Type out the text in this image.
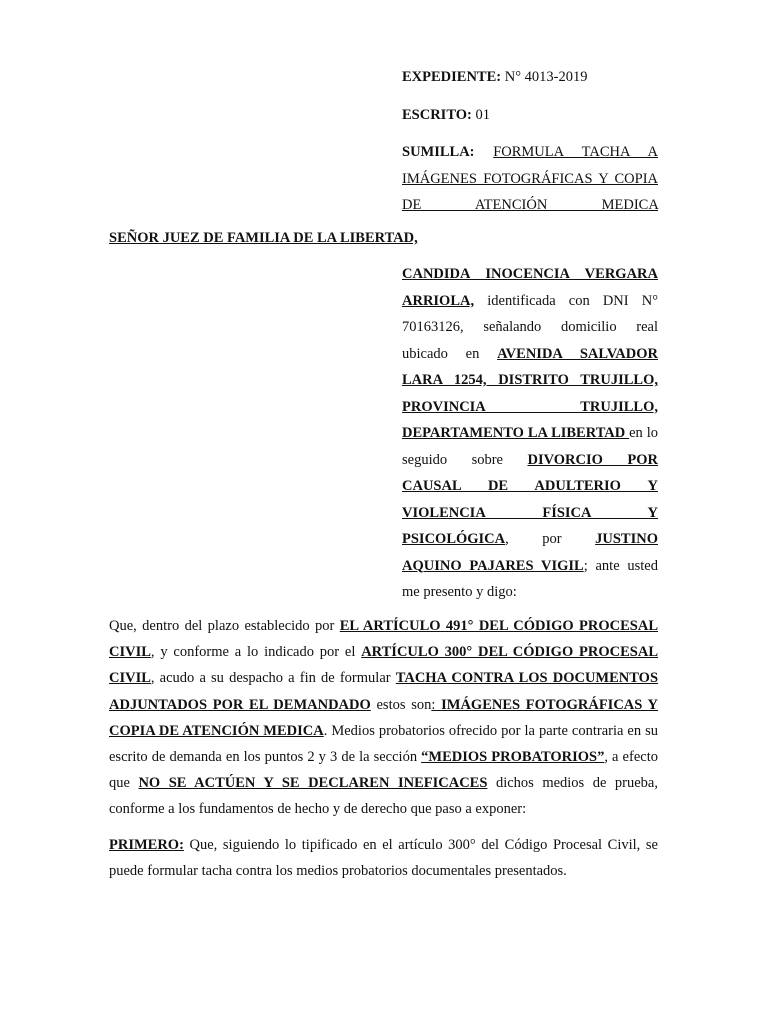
EXPEDIENTE: N° 4013-2019
ESCRITO: 01
SUMILLA: FORMULA TACHA A IMÁGENES FOTOGRÁFICAS Y COPIA DE ATENCIÓN MEDICA
SEÑOR JUEZ DE FAMILIA DE LA LIBERTAD,
CANDIDA INOCENCIA VERGARA ARRIOLA, identificada con DNI N° 70163126, señalando domicilio real ubicado en AVENIDA SALVADOR LARA 1254, DISTRITO TRUJILLO, PROVINCIA TRUJILLO, DEPARTAMENTO LA LIBERTAD en lo seguido sobre DIVORCIO POR CAUSAL DE ADULTERIO Y VIOLENCIA FÍSICA Y PSICOLÓGICA, por JUSTINO AQUINO PAJARES VIGIL; ante usted me presento y digo:
Que, dentro del plazo establecido por EL ARTÍCULO 491° DEL CÓDIGO PROCESAL CIVIL, y conforme a lo indicado por el ARTÍCULO 300° DEL CÓDIGO PROCESAL CIVIL, acudo a su despacho a fin de formular TACHA CONTRA LOS DOCUMENTOS ADJUNTADOS POR EL DEMANDADO estos son: IMÁGENES FOTOGRÁFICAS Y COPIA DE ATENCIÓN MEDICA. Medios probatorios ofrecido por la parte contraria en su escrito de demanda en los puntos 2 y 3 de la sección “MEDIOS PROBATORIOS”, a efecto que NO SE ACTÚEN Y SE DECLAREN INEFICACES dichos medios de prueba, conforme a los fundamentos de hecho y de derecho que paso a exponer:
PRIMERO: Que, siguiendo lo tipificado en el artículo 300° del Código Procesal Civil, se puede formular tacha contra los medios probatorios documentales presentados.
